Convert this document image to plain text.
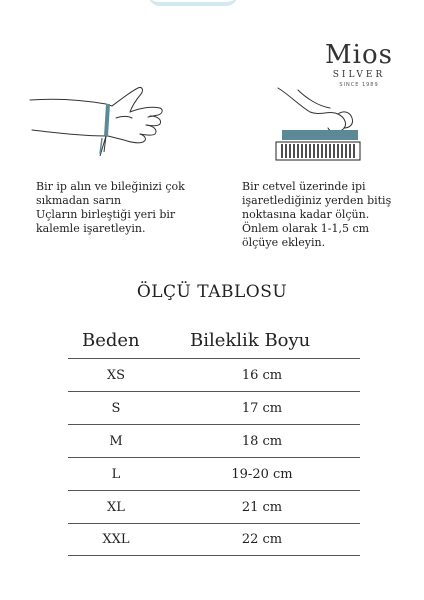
Mios
SILVER
SINCE 1989

Bir ip alın ve bileğinizi çok

sıkmadan sarın

Uçların birleştiği yeri bir

kalemle işaretleyin.

Bir cetvel üzerinde ipi

işaretlediğiniz yerden bitiş

noktasına kadar ölçün.

Önlem olarak 1-1,5 cm

ölçüye ekleyin.

ÖLÇÜ TABLOSU
Beden	Bileklik Boyu
XS	16 cm
S	17 cm
M	18 cm
L	19-20 cm
XL	21 cm
XXL	22 cm
